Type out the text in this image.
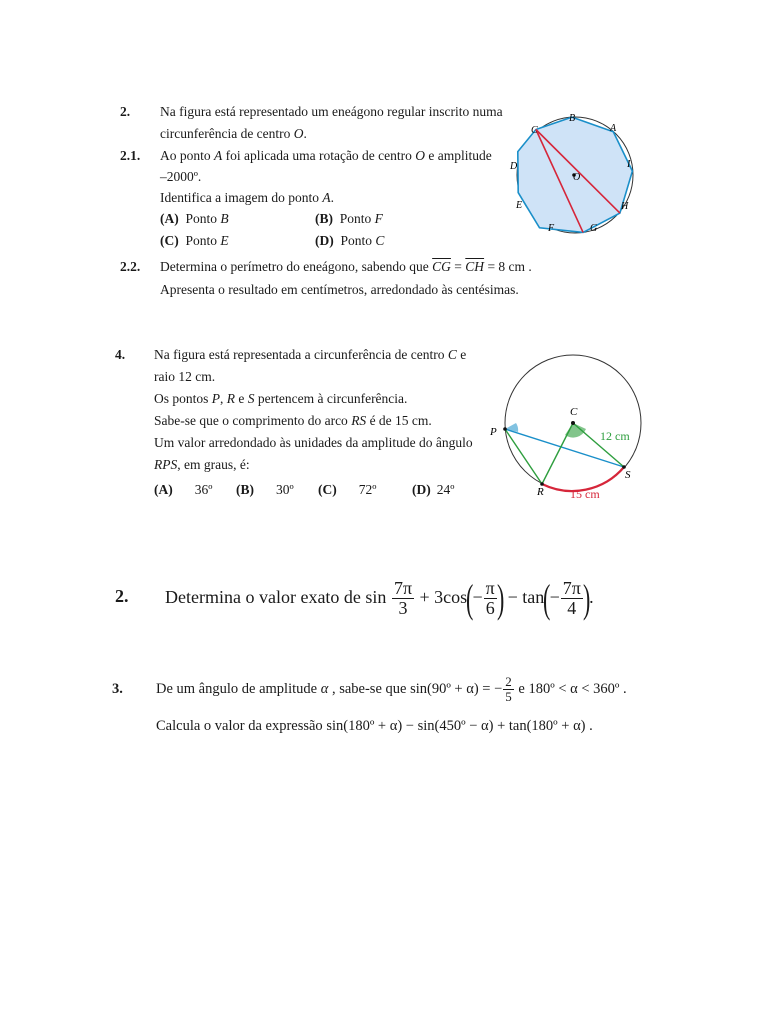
2. Na figura está representado um eneágono regular inscrito numa
circunferência de centro O.
2.1. Ao ponto A foi aplicada uma rotação de centro O e amplitude
–2000º.
Identifica a imagem do ponto A.
(A) Ponto B	(B) Ponto F
(C) Ponto E	(D) Ponto C
2.2. Determina o perímetro do eneágono, sabendo que $\overline{CG} = \overline{CH} = 8$ cm .
Apresenta o resultado em centímetros, arredondado às centésimas.
C
B
A
I
H
G
F
E
D
O
4. Na figura está representada a circunferência de centro C e
raio 12 cm.
Os pontos P, R e S pertencem à circunferência.
Sabe-se que o comprimento do arco RS é de 15 cm.
Um valor arredondado às unidades da amplitude do ângulo
RPS, em graus, é:
(A) 36º (B) 30º (C) 72º	(D) 24º
C
P
R
S
12 cm
15 cm
2. Determina o valor exato de $\sin \frac{7\pi}{3} + 3\cos(- \frac{\pi}{6}$ ) − $\tan(- \frac{7\pi}{4}$ ).
3. De um ângulo de amplitude α , sabe-se que sin(90º + α) = − $\frac{2}{5}$ e 180º < α < 360º .
Calcula o valor da expressão sin(180º + α) − sin(450º − α) + tan(180º + α) .
